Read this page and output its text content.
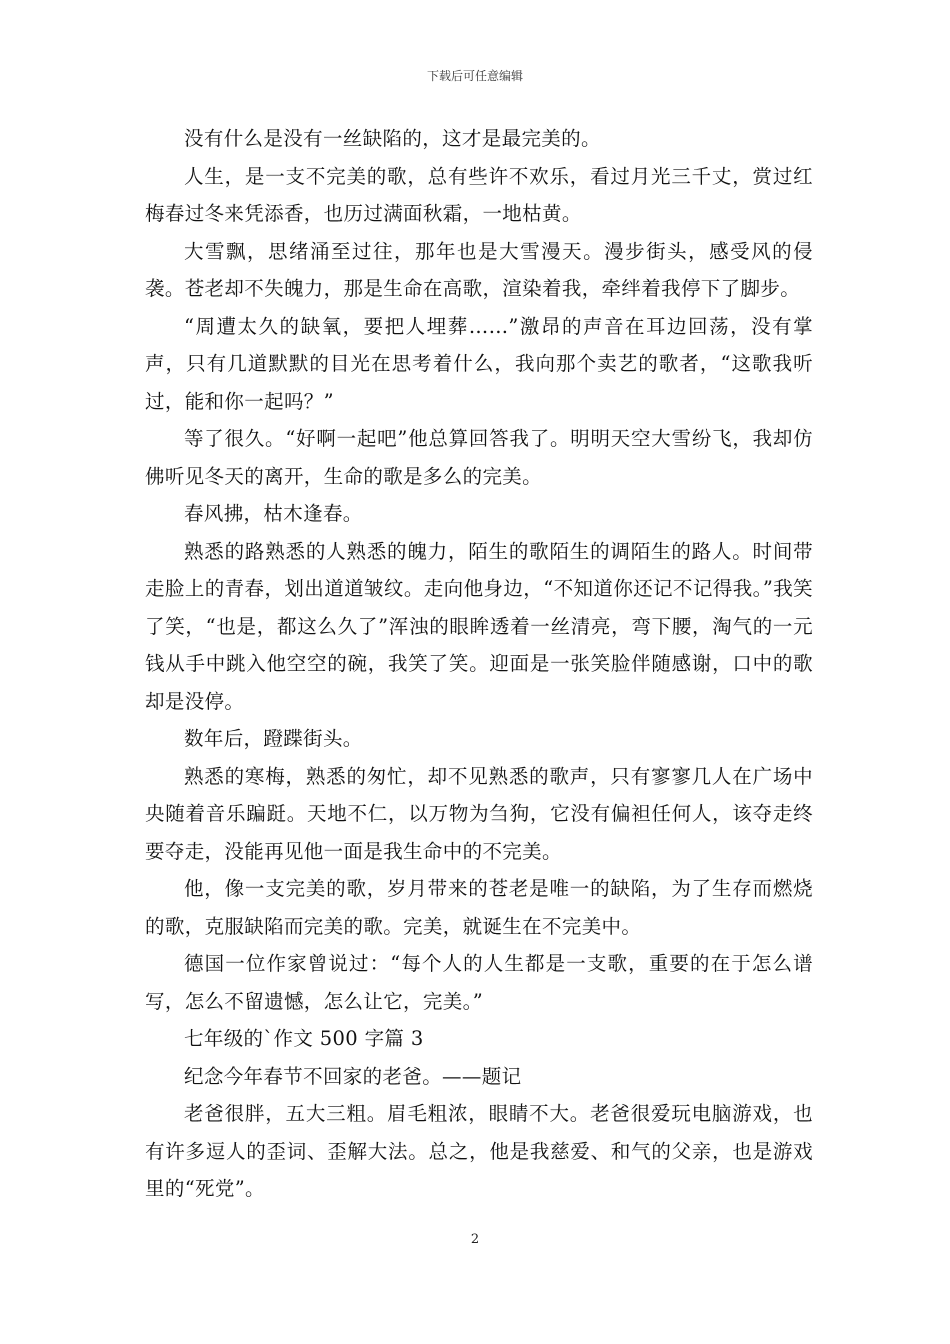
下载后可任意编辑

没有什么是没有一丝缺陷的，这才是最完美的。

人生，是一支不完美的歌，总有些许不欢乐，看过月光三千丈，赏过红梅春过冬来凭添香，也历过满面秋霜，一地枯黄。

大雪飘，思绪涌至过往，那年也是大雪漫天。漫步街头，感受风的侵袭。苍老却不失魄力，那是生命在高歌，渲染着我，牵绊着我停下了脚步。

“周遭太久的缺氧，要把人埋葬……”激昂的声音在耳边回荡，没有掌声，只有几道默默的目光在思考着什么，我向那个卖艺的歌者，“这歌我听过，能和你一起吗？”

等了很久。“好啊一起吧”他总算回答我了。明明天空大雪纷飞，我却仿佛听见冬天的离开，生命的歌是多么的完美。

春风拂，枯木逢春。

熟悉的路熟悉的人熟悉的魄力，陌生的歌陌生的调陌生的路人。时间带走脸上的青春，划出道道皱纹。走向他身边，“不知道你还记不记得我。”我笑了笑，“也是，都这么久了”浑浊的眼眸透着一丝清亮，弯下腰，淘气的一元钱从手中跳入他空空的碗，我笑了笑。迎面是一张笑脸伴随感谢，口中的歌却是没停。

数年后，蹬蹀街头。

熟悉的寒梅，熟悉的匆忙，却不见熟悉的歌声，只有寥寥几人在广场中央随着音乐蹁跹。天地不仁，以万物为刍狗，它没有偏袒任何人，该夺走终要夺走，没能再见他一面是我生命中的不完美。

他，像一支完美的歌，岁月带来的苍老是唯一的缺陷，为了生存而燃烧的歌，克服缺陷而完美的歌。完美，就诞生在不完美中。

德国一位作家曾说过：“每个人的人生都是一支歌，重要的在于怎么谱写，怎么不留遗憾，怎么让它，完美。”

七年级的`作文 500 字篇 3

纪念今年春节不回家的老爸。——题记

老爸很胖，五大三粗。眉毛粗浓，眼睛不大。老爸很爱玩电脑游戏，也有许多逗人的歪词、歪解大法。总之，他是我慈爱、和气的父亲，也是游戏里的“死党”。

2
